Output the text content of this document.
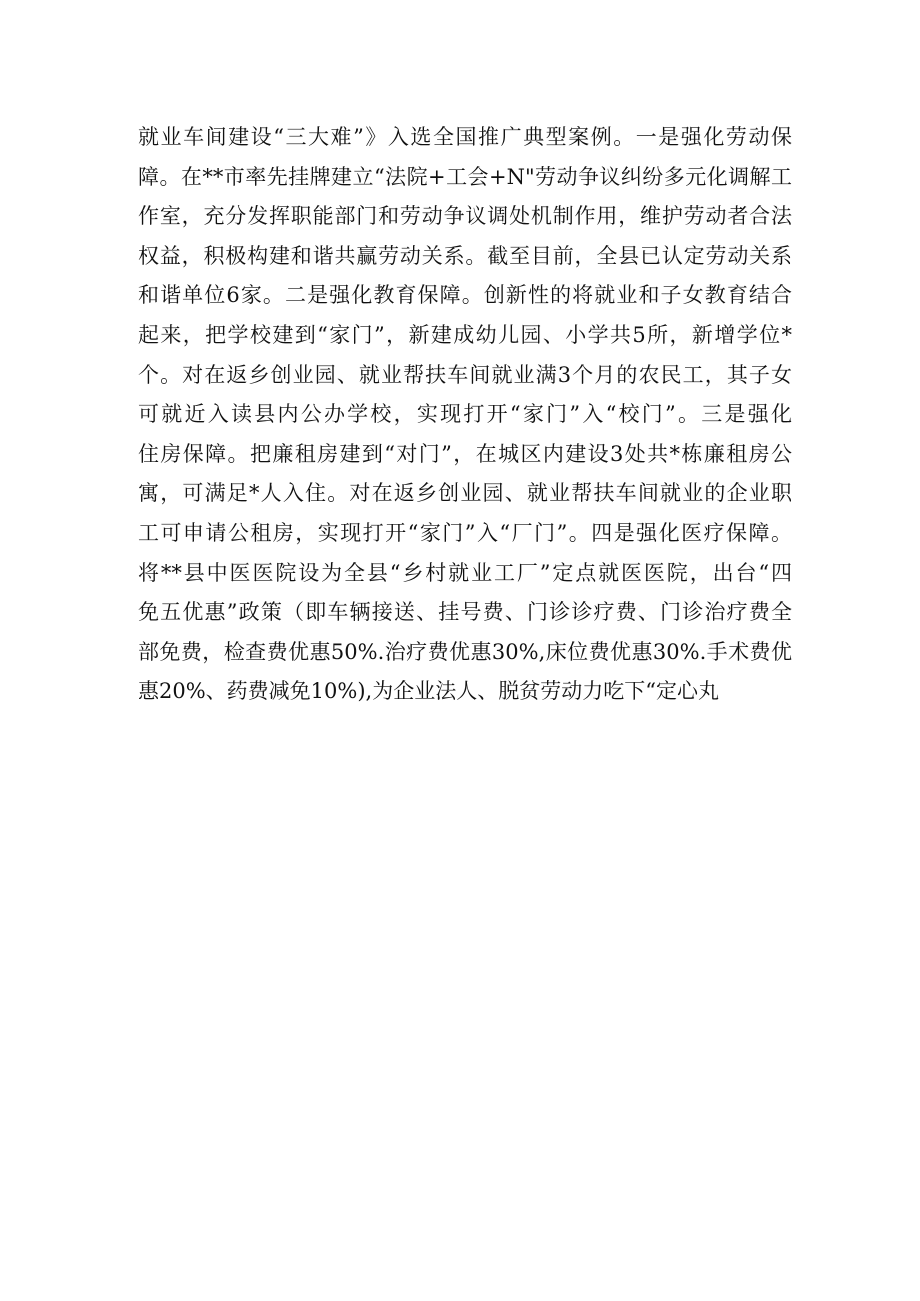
就业车间建设“三大难”》入选全国推广典型案例。一是强化劳动保
障。在**市率先挂牌建立“法院+工会+N"劳动争议纠纷多元化调解工
作室，充分发挥职能部门和劳动争议调处机制作用，维护劳动者合法
权益，积极构建和谐共赢劳动关系。截至目前，全县已认定劳动关系
和谐单位6家。二是强化教育保障。创新性的将就业和子女教育结合
起来，把学校建到“家门”，新建成幼儿园、小学共5所，新增学位*
个。对在返乡创业园、就业帮扶车间就业满3个月的农民工，其子女
可就近入读县内公办学校，实现打开“家门”入“校门”。三是强化
住房保障。把廉租房建到“对门”，在城区内建设3处共*栋廉租房公
寓，可满足*人入住。对在返乡创业园、就业帮扶车间就业的企业职
工可申请公租房，实现打开“家门”入“厂门”。四是强化医疗保障。
将**县中医医院设为全县“乡村就业工厂”定点就医医院，出台“四
免五优惠”政策（即车辆接送、挂号费、门诊诊疗费、门诊治疗费全
部免费，检查费优惠50%.治疗费优惠30%,床位费优惠30%.手术费优
惠20%、药费减免10%),为企业法人、脱贫劳动力吃下“定心丸
